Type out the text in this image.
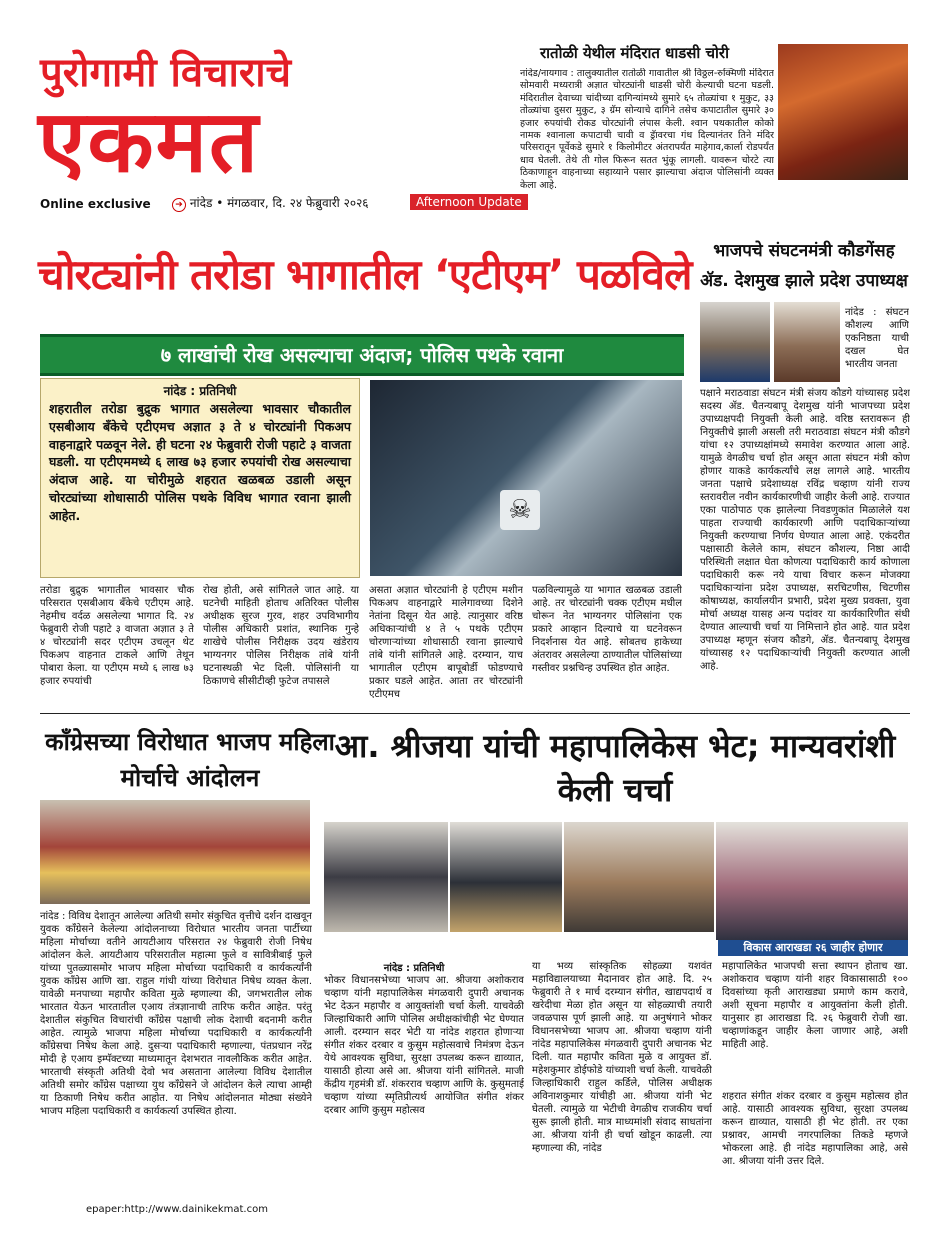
पुरोगामी विचाराचे
एकमत
Online exclusive	➔ नांदेड • मंगळवार, दि. २४ फेब्रुवारी २०२६	Afternoon Update
रातोळी येथील मंदिरात धाडसी चोरी
नांदेड/नायगाव : तालुक्यातील रातोळी गावातील श्री विठ्ठल-रुक्मिणी मंदिरात सोमवारी मध्यरात्री अज्ञात चोरट्यांनी धाडसी चोरी केल्याची घटना घडली. मंदिरातील देवाच्या चांदीच्या दागिन्यांमध्ये सुमारे ६५ तोळ्यांचा १ मुकुट, ३३ तोळ्यांचा दुसरा मुकुट, ३ ग्रॅम सोन्याचे दागिने तसेच कपाटातील सुमारे ३० हजार रुपयांची रोकड चोरट्यांनी लंपास केली. श्वान पथकातील कोको नामक श्वानाला कपाटाची चावी व ड्रॅावरचा गंध दिल्यानंतर तिने मंदिर परिसरातून पूर्वेकडे सुमारे १ किलोमीटर अंतरापर्यंत माहेगाव,कार्ला रोडपर्यंत धाव घेतली. तेथे ती गोल फिरून सतत भुंकू लागली. यावरून चोरटे त्या ठिकाणाहून वाहनाच्या सहाय्याने पसार झाल्याचा अंदाज पोलिसांनी व्यक्त केला आहे.
चोरट्यांनी तरोडा भागातील ‘एटीएम’ पळविले
७ लाखांची रोख असल्याचा अंदाज; पोलिस पथके रवाना
नांदेड : प्रतिनिधी
शहरातील तरोडा बुद्रुक भागात असलेल्या भावसार चौकातील एसबीआय बँकेचे एटीएमच अज्ञात ३ ते ४ चोरट्यांनी पिकअप वाहनाद्वारे पळवून नेले. ही घटना २४ फेब्रुवारी रोजी पहाटे ३ वाजता घडली. या एटीएममध्ये ६ लाख ७३ हजार रुपयांची रोख असल्याचा अंदाज आहे. या चोरीमुळे शहरात खळबळ उडाली असून चोरट्यांच्या शोधासाठी पोलिस पथके विविध भागात रवाना झाली आहेत.	☠
तरोडा बुद्रुक भागातील भावसार चौक परिसरात एसबीआय बँकेचे एटीएम आहे. नेहमीच वर्दळ असलेल्या भागात दि. २४ फेब्रुवारी रोजी पहाटे ३ वाजता अज्ञात ३ ते ४ चोरट्यांनी सदर एटीएम उचलून थेट पिकअप वाहनात टाकले आणि तेथून पोबारा केला. या एटीएम मध्ये ६ लाख ७३ हजार रुपयांची
रोख होती, असे सांगितले जात आहे. या घटनेची माहिती होताच अतिरिक्त पोलीस अधीक्षक सुरज गुरव, शहर उपविभागीय पोलीस अधिकारी प्रशांत, स्थानिक गुन्हे शाखेचे पोलीस निरीक्षक उदय खंडेराय भाग्यनगर पोलिस निरीक्षक तांबे यांनी घटनास्थळी भेट दिली. पोलिसांनी या ठिकाणचे सीसीटीव्ही फुटेज तपासले
असता अज्ञात चोरट्यांनी हे एटीएम मशीन पिकअप वाहनाद्वारे मालेगावच्या दिशेने नेतांना दिसून येत आहे. त्यानुसार वरिष्ठ अधिकाऱ्यांची ४ ते ५ पथके एटीएम चोरणाऱ्यांच्या शोधासाठी रवाना झाल्याचे तांबे यांनी सांगितले आहे. दरम्यान, याच भागातील एटीएम बापूबोर्डी फोडण्याचे प्रकार घडले आहेत. आता तर चोरट्यांनी एटीएमच
पळविल्यामुळे या भागात खळबळ उडाली आहे. तर चोरट्यांनी चक्क एटीएम मधील चोरून नेत भाग्यनगर पोलिसांना एक प्रकारे आव्हान दिल्याचे या घटनेवरून निदर्शनास येत आहे. सोबतच हाकेच्या अंतरावर असलेल्या ठाण्यातील पोलिसांच्या गस्तीवर प्रश्नचिन्ह उपस्थित होत आहेत.
भाजपचे संघटनमंत्री कौडगेंसह ॲड. देशमुख झाले प्रदेश उपाध्यक्ष
नांदेड : संघटन कौशल्य आणि एकनिष्ठता याची दखल घेत भारतीय जनता
पक्षाने मराठवाडा संघटन मंत्री संजय कौडगे यांच्यासह प्रदेश सदस्य ॲड. चैतन्यबापू देशमुख यांनी भाजपच्या प्रदेश उपाध्यक्षपदी नियुक्ती केली आहे. वरिष्ठ स्तरावरून ही नियुक्तीचे झाली असली तरी मराठवाडा संघटन मंत्री कौडगे यांचा १२ उपाध्यक्षांमध्ये समावेश करण्यात आला आहे. यामुळे वेगळीच चर्चा होत असून आता संघटन मंत्री कोण होणार याकडे कार्यकर्त्यांचे लक्ष लागले आहे. भारतीय जनता पक्षाचे प्रदेशाध्यक्ष रविंद्र चव्हाण यांनी राज्य स्तरावरील नवीन कार्यकारणीची जाहीर केली आहे. राज्यात एका पाठोपाठ एक झालेल्या निवडणुकांत मिळालेले यश पाहता राज्याची कार्यकारणी आणि पदाधिकाऱ्यांच्या नियुक्ती करण्याचा निर्णय घेण्यात आला आहे. एकंदरीत पक्षासाठी केलेले काम, संघटन कौशल्य, निष्ठा आदी परिस्थिती लक्षात घेता कोणत्या पदाधिकारी कार्य कोणाला पदाधिकारी करू नये याचा विचार करून मोजक्या पदाधिकाऱ्यांना प्रदेश उपाध्यक्ष, सरचिटणीस, चिटणीस कोषाध्यक्ष, कार्यालयीन प्रभारी, प्रदेश मुख्य प्रवक्ता, युवा मोर्चा अध्यक्ष यासह अन्य पदांवर या कार्यकारिणीत संधी देण्यात आल्याची चर्चा या निमित्ताने होत आहे. यात प्रदेश उपाध्यक्ष म्हणून संजय कौडगे, ॲड. चैतन्यबापू देशमुख यांच्यासह १२ पदाधिकाऱ्यांची नियुक्ती करण्यात आली आहे.
काँग्रेसच्या विरोधात भाजप महिला मोर्चाचे आंदोलन
नांदेड : विविध देशातून आलेल्या अतिथी समोर संकुचित वृत्तीचे दर्शन दाखवून युवक काँग्रेसने केलेल्या आंदोलनाच्या विरोधात भारतीय जनता पार्टीच्या महिला मोर्चाच्या वतीने आयटीआय परिसरात २४ फेब्रुवारी रोजी निषेध आंदोलन केले. आयटीआय परिसरातील महात्मा फुले व सावित्रीबाई फुले यांच्या पुतळ्यासमोर भाजप महिला मोर्चाच्या पदाधिकारी व कार्यकर्त्यांनी युवक काँग्रेस आणि खा. राहुल गांधी यांच्या विरोधात निषेध व्यक्त केला. यावेळी मनपाच्या महापौर कविता मुळे म्हणाल्या की, जगभरातील लोक भारतात येऊन भारतातील एआय तंत्रज्ञानाची तारिफ करीत आहेत. परंतु देशातील संकुचित विचारांची काँग्रेस पक्षाची लोक देशाची बदनामी करीत आहेत. त्यामुळे भाजपा महिला मोर्चाच्या पदाधिकारी व कार्यकर्त्यांनी काँग्रेसचा निषेध केला आहे. दुसऱ्या पदाधिकारी म्हणाल्या, पंतप्रधान नरेंद्र मोदी हे एआय इम्पॅक्टच्या माध्यमातून देशभरात नावलौकिक करीत आहेत. भारताची संस्कृती अतिथी देवो भव असताना आलेल्या विविध देशातील अतिथी समोर काँग्रेस पक्षाच्या युथ काँग्रेसने जे आंदोलन केले त्याचा आम्ही या ठिकाणी निषेध करीत आहोत. या निषेध आंदोलनात मोठ्या संख्येने भाजप महिला पदाधिकारी व कार्यकर्त्या उपस्थित होत्या.
आ. श्रीजया यांची महापालिकेस भेट; मान्यवरांशी केली चर्चा
नांदेड : प्रतिनिधी
भोकर विधानसभेच्या भाजप आ. श्रीजया अशोकराव चव्हाण यांनी महापालिकेस मंगळवारी दुपारी अचानक भेट देऊन महापौर व आयुक्तांशी चर्चा केली. याचवेळी जिल्हाधिकारी आणि पोलिस अधीक्षकांचीही भेट घेण्यात आली. दरम्यान सदर भेटी या नांदेड शहरात होणाऱ्या संगीत शंकर दरबार व कुसुम महोत्सवाचे निमंत्रण देऊन येथे आवश्यक सुविधा, सुरक्षा उपलब्ध करून द्याव्यात, यासाठी होत्या असे आ. श्रीजया यांनी सांगितले. माजी केंद्रीय गृहमंत्री डॉ. शंकरराव चव्हाण आणि के. कुसुमताई चव्हाण यांच्या स्मृतिप्रीत्यर्थ आयोजित संगीत शंकर दरबार आणि कुसुम महोत्सव
या भव्य सांस्कृतिक सोहळ्या यशवंत महाविद्यालयाच्या मैदानावर होत आहे. दि. २५ फेब्रुवारी ते १ मार्च दरम्यान संगीत, खाद्यपदार्थ व खरेदीचा मेळा होत असून या सोहळ्याची तयारी जवळपास पूर्ण झाली आहे. या अनुषंगाने भोकर विधानसभेच्या भाजप आ. श्रीजया चव्हाण यांनी नांदेड महापालिकेस मंगळवारी दुपारी अचानक भेट दिली. यात महापौर कविता मुळे व आयुक्त डॉ. महेशकुमार डोईफोडे यांच्याशी चर्चा केली. याचवेळी जिल्हाधिकारी राहुल कर्डिले, पोलिस अधीक्षक अविनाशकुमार यांचीही आ. श्रीजया यांनी भेट घेतली. त्यामुळे या भेटीची वेगळीच राजकीय चर्चा सुरू झाली होती. मात्र माध्यमांशी संवाद साधतांना आ. श्रीजया यांनी ही चर्चा खोडून काढली. त्या म्हणाल्या की, नांदेड
विकास आराखडा २६ जाहीर होणार
महापालिकेत भाजपची सत्ता स्थापन होताच खा. अशोकराव चव्हाण यांनी शहर विकासासाठी १०० दिवसांच्या कृती आराखड्या प्रमाणे काम करावे, अशी सूचना महापौर व आयुक्तांना केली होती. यानुसार हा आराखडा दि. २६ फेब्रुवारी रोजी खा. चव्हाणांकडून जाहीर केला जाणार आहे, अशी माहिती आहे.
शहरात संगीत शंकर दरबार व कुसुम महोत्सव होत आहे. यासाठी आवश्यक सुविधा, सुरक्षा उपलब्ध करून द्याव्यात, यासाठी ही भेट होती. तर एका प्रश्नावर, आमची नगरपालिका तिकडे म्हणजे भोकरला आहे. ही नांदेड महापालिका आहे, असे आ. श्रीजया यांनी उत्तर दिले.
epaper:http://www.dainikekmat.com
